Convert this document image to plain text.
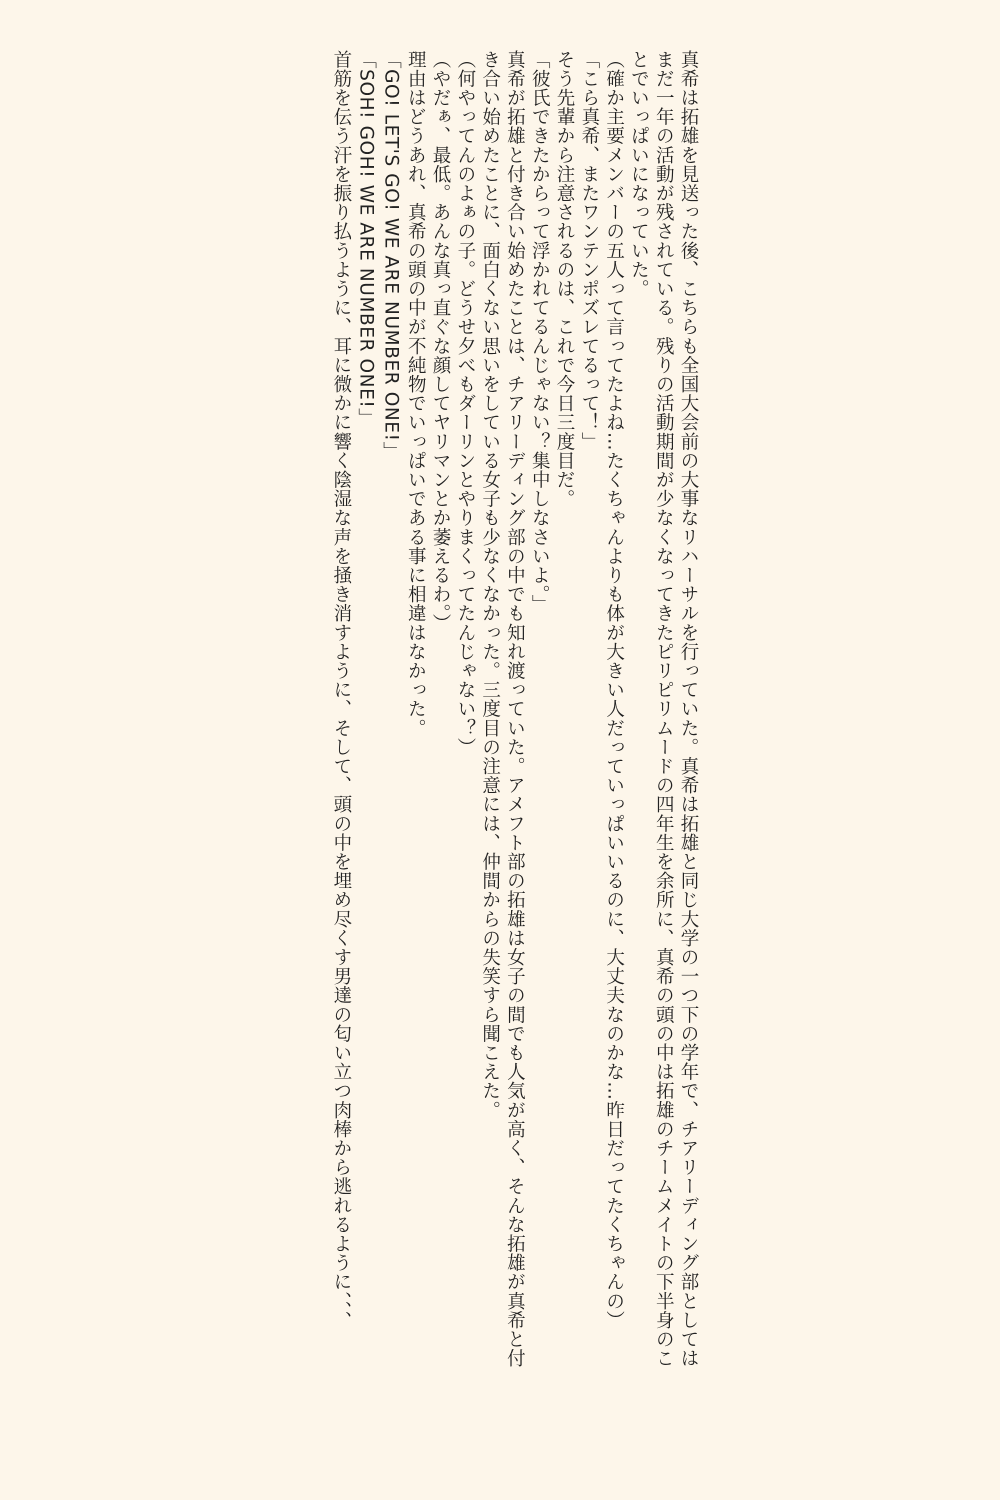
真希は拓雄を見送った後、こちらも全国大会前の大事なリハーサルを行っていた。真希は拓雄と同じ大学の一つ下の学年で、チアリーディング部としては
まだ一年の活動が残されている。残りの活動期間が少なくなってきたピリピリムードの四年生を余所に、真希の頭の中は拓雄のチームメイトの下半身のこ
とでいっぱいになっていた。
（確か主要メンバーの五人って言ってたよね…たくちゃんよりも体が大きい人だっていっぱいいるのに、大丈夫なのかな…昨日だってたくちゃんの）
「こら真希、またワンテンポズレてるって！」
そう先輩から注意されるのは、これで今日三度目だ。
「彼氏できたからって浮かれてるんじゃない？集中しなさいよ。」
真希が拓雄と付き合い始めたことは、チアリーディング部の中でも知れ渡っていた。アメフト部の拓雄は女子の間でも人気が高く、そんな拓雄が真希と付
き合い始めたことに、面白くない思いをしている女子も少なくなかった。三度目の注意には、仲間からの失笑すら聞こえた。
（何やってんのよぁの子。どうせ夕べもダーリンとやりまくってたんじゃない？）
（やだぁ、最低。あんな真っ直ぐな顔してヤリマンとか萎えるわ。）
理由はどうあれ、真希の頭の中が不純物でいっぱいである事に相違はなかった。
「GO! LET'S GO! WE ARE NUMBER ONE!」
「SOH! GOH! WE ARE NUMBER ONE!」
首筋を伝う汗を振り払うように、耳に微かに響く陰湿な声を掻き消すように、そして、頭の中を埋め尽くす男達の匂い立つ肉棒から逃れるように、、、
